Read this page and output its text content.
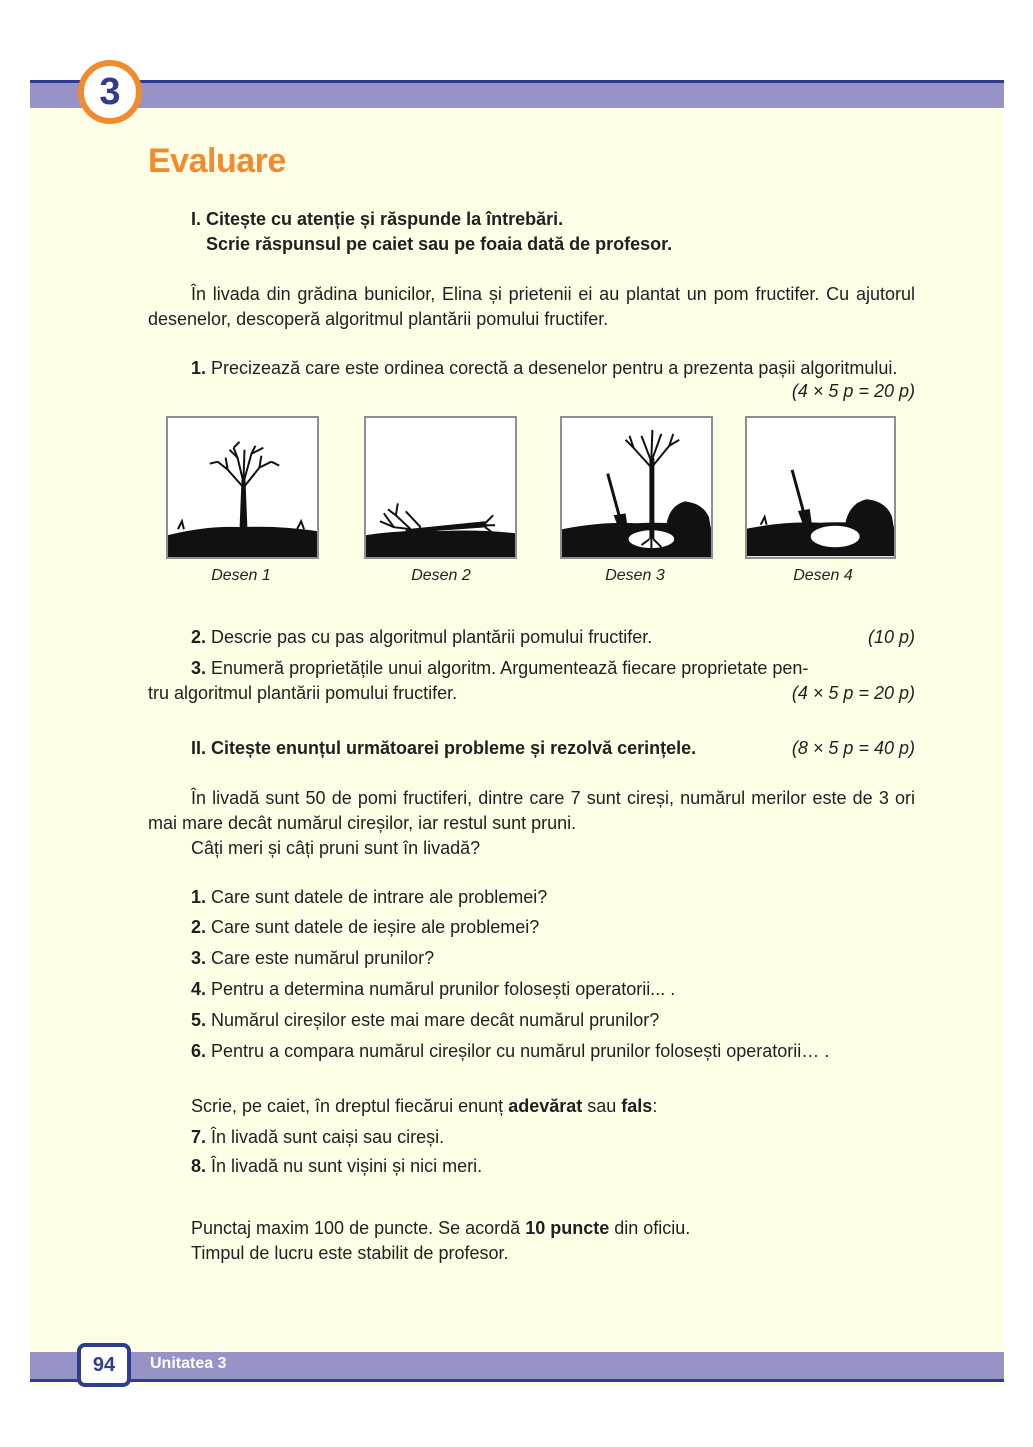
3
Evaluare
I. Citește cu atenție și răspunde la întrebări.
Scrie răspunsul pe caiet sau pe foaia dată de profesor.
În livada din grădina bunicilor, Elina și prietenii ei au plantat un pom fructifer. Cu ajutorul desenelor, descoperă algoritmul plantării pomului fructifer.
1. Precizează care este ordinea corectă a desenelor pentru a prezenta pașii algoritmului.
(4 × 5 p = 20 p)
Desen 1	Desen 2	Desen 3	Desen 4
2. Descrie pas cu pas algoritmul plantării pomului fructifer.	(10 p)
3. Enumeră proprietățile unui algoritm. Argumentează fiecare proprietate pen-
tru algoritmul plantării pomului fructifer.	(4 × 5 p = 20 p)
II. Citește enunțul următoarei probleme și rezolvă cerințele.	(8 × 5 p = 40 p)
În livadă sunt 50 de pomi fructiferi, dintre care 7 sunt cireși, numărul merilor este de 3 ori mai mare decât numărul cireșilor, iar restul sunt pruni.
Câți meri și câți pruni sunt în livadă?
1. Care sunt datele de intrare ale problemei?
2. Care sunt datele de ieșire ale problemei?
3. Care este numărul prunilor?
4. Pentru a determina numărul prunilor folosești operatorii... .
5. Numărul cireșilor este mai mare decât numărul prunilor?
6. Pentru a compara numărul cireșilor cu numărul prunilor folosești operatorii… .
Scrie, pe caiet, în dreptul fiecărui enunț adevărat sau fals:
7. În livadă sunt caiși sau cireși.
8. În livadă nu sunt vișini și nici meri.
Punctaj maxim 100 de puncte. Se acordă 10 puncte din oficiu.
Timpul de lucru este stabilit de profesor.
94	Unitatea 3
